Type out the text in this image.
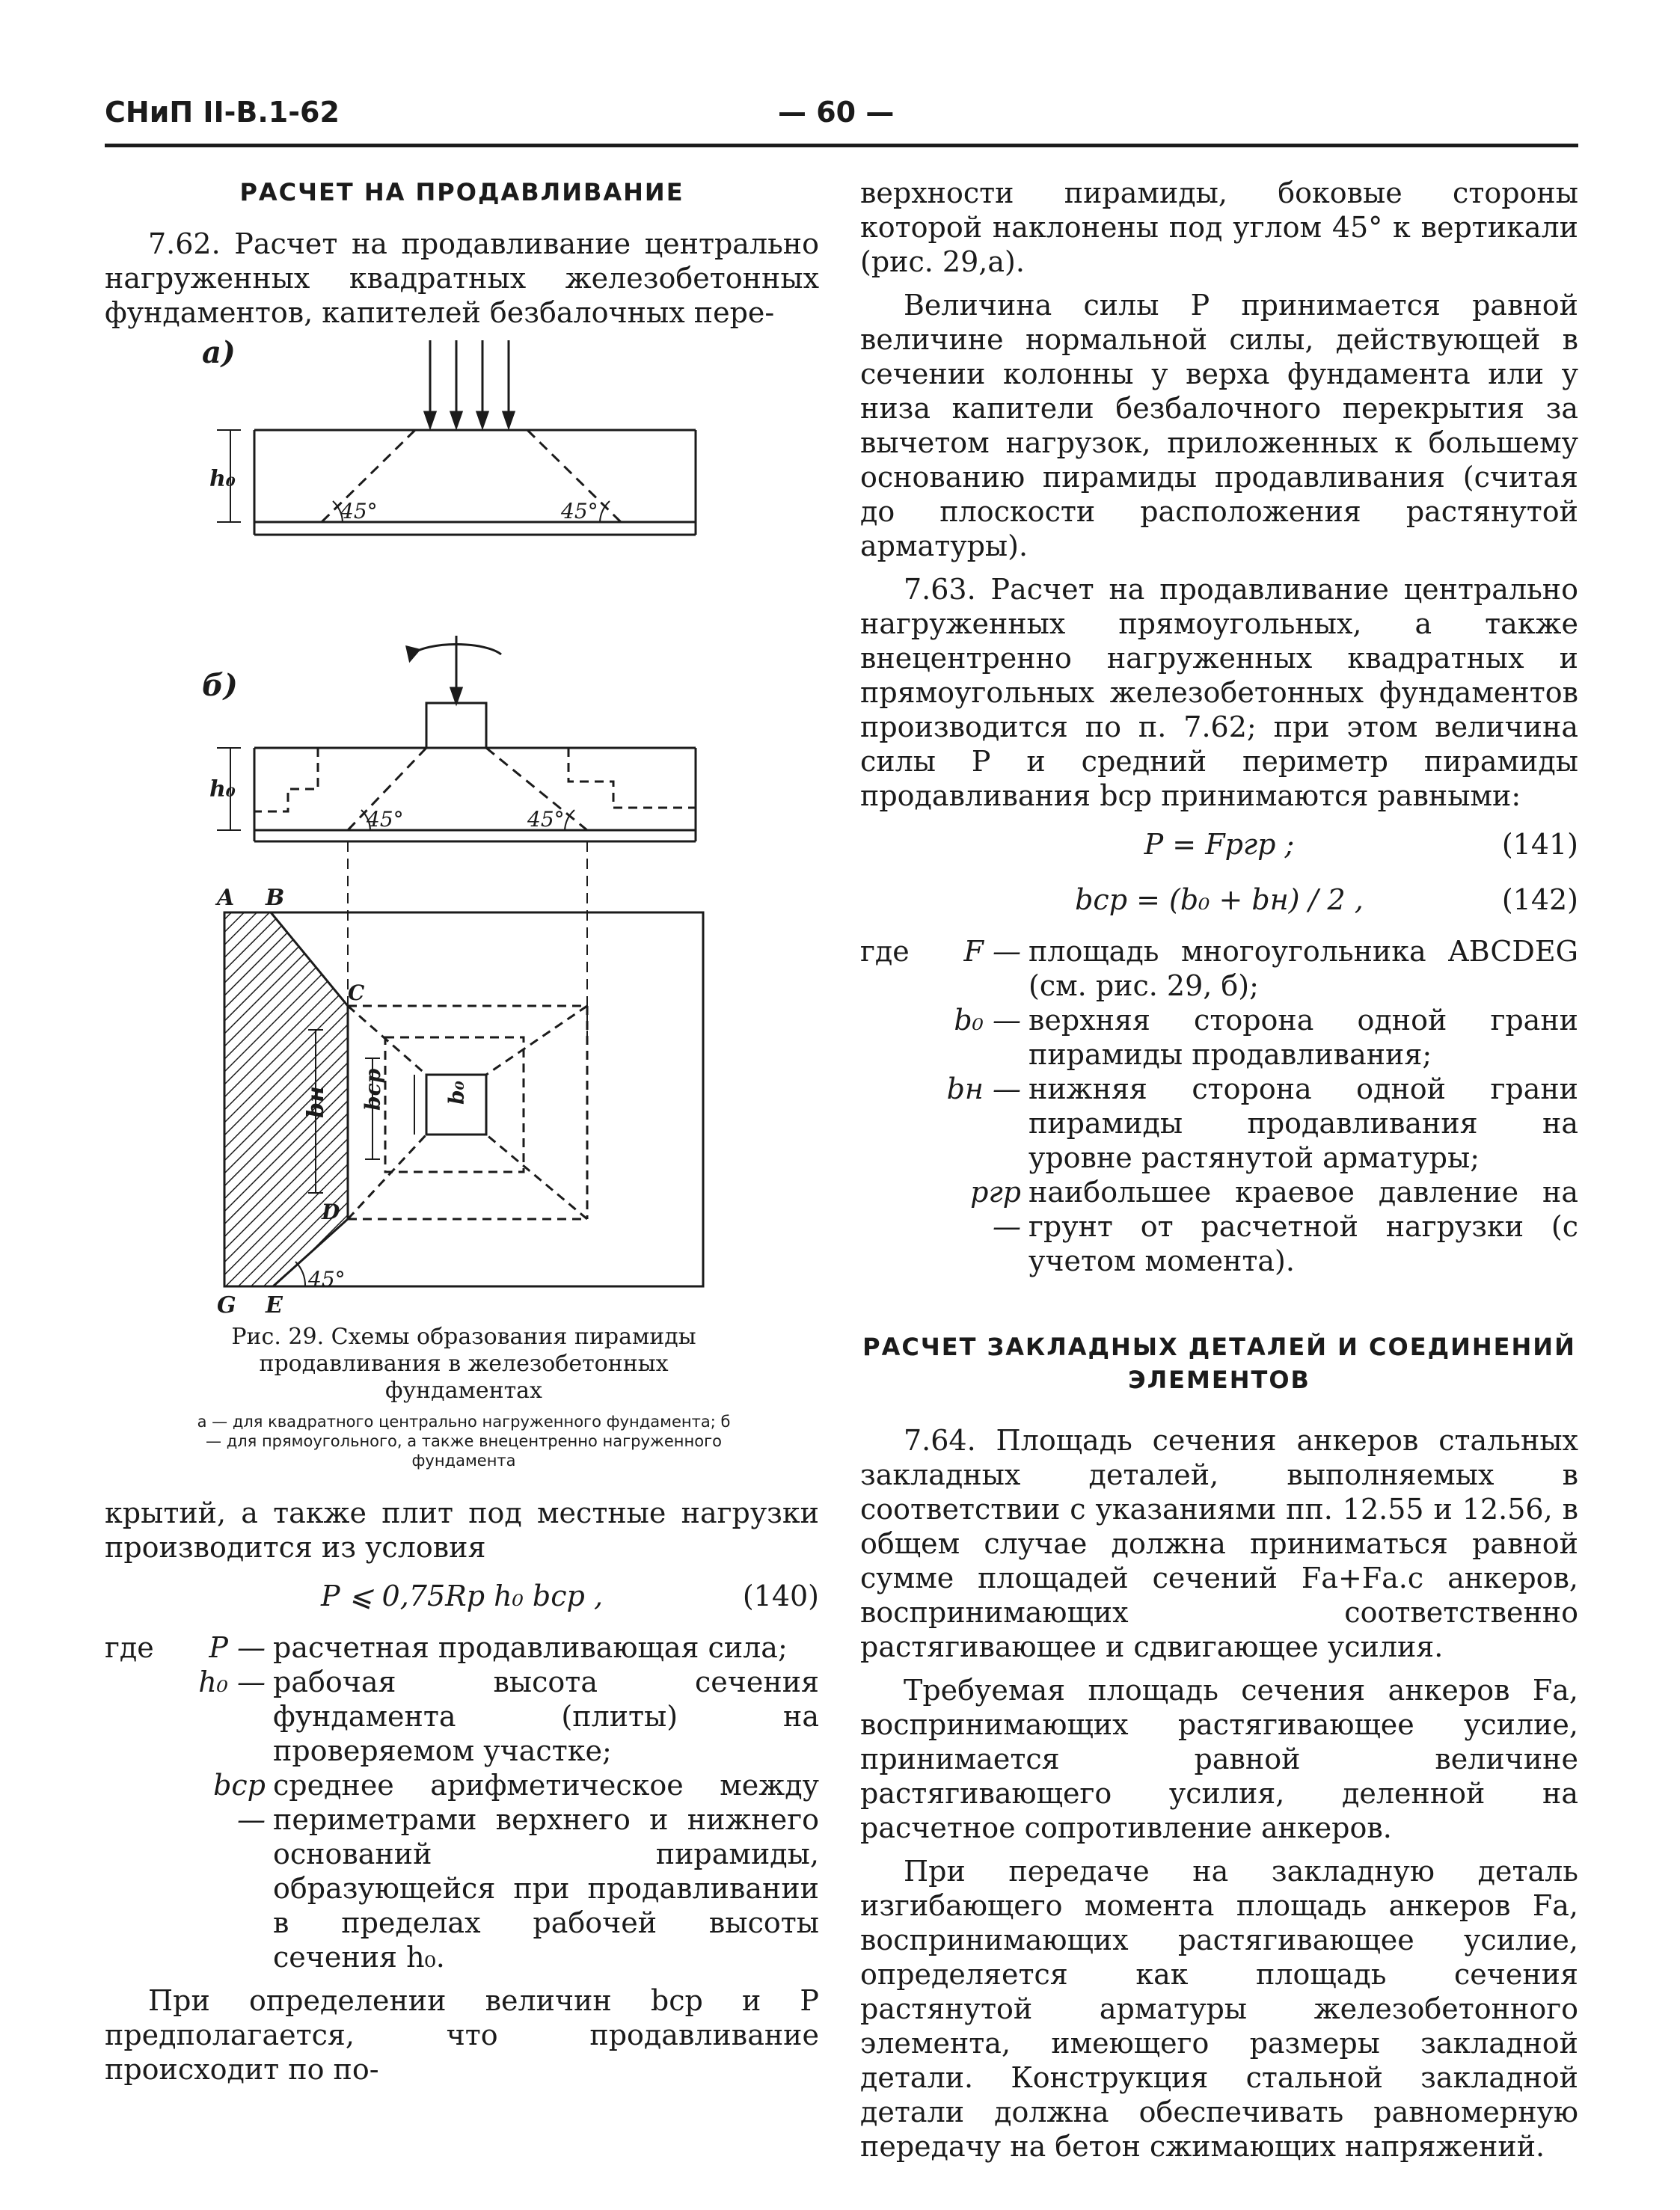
СНиП II-В.1-62	— 60 —
РАСЧЕТ НА ПРОДАВЛИВАНИЕ

7.62. Расчет на продавливание центрально нагруженных квадратных железобетонных фундаментов, капителей безбалочных пере-

а)
б)
h₀
h₀
45°	45°
45°	45°
45°
A B
C
D
G E
bн bср	b₀
Рис. 29. Схемы образования пирамиды продавливания в железобетонных фундаментах
а — для квадратного центрально нагруженного фундамента; б — для прямоугольного, а также внецентренно нагруженного фундамента

крытий, а также плит под местные нагрузки производится из условия

P ⩽ 0,75Rр h₀ bср ,	(140)
где	P — расчетная продавливающая сила;
h₀ — рабочая высота сечения фундамента (плиты) на проверяемом участке;
bср —
среднее арифметическое между периметрами верхнего и нижнего оснований пирамиды, образующейся при продавливании в пределах рабочей высоты сечения h₀.

При определении величин bср и P предполагается, что продавливание происходит по по-

верхности пирамиды, боковые стороны которой наклонены под углом 45° к вертикали (рис. 29,а).

Величина силы P принимается равной величине нормальной силы, действующей в сечении колонны у верха фундамента или у низа капители безбалочного перекрытия за вычетом нагрузок, приложенных к большему основанию пирамиды продавливания (считая до плоскости расположения растянутой арматуры).

7.63. Расчет на продавливание центрально нагруженных прямоугольных, а также внецентренно нагруженных квадратных и прямоугольных железобетонных фундаментов производится по п. 7.62; при этом величина силы P и средний периметр пирамиды продавливания bср принимаются равными:

P = Fpгр ;	(141)
bср = (b₀ + bн) / 2 ,	(142)
где	F — площадь многоугольника ABCDEG (см. рис. 29, б);
b₀ — верхняя сторона одной грани пирамиды продавливания;
bн — нижняя сторона одной грани пирамиды продавливания на уровне растянутой арматуры;
pгр —
наибольшее краевое давление на грунт от расчетной нагрузки (с учетом момента).
РАСЧЕТ ЗАКЛАДНЫХ ДЕТАЛЕЙ И СОЕДИНЕНИЙ ЭЛЕМЕНТОВ

7.64. Площадь сечения анкеров стальных закладных деталей, выполняемых в соответствии с указаниями пп. 12.55 и 12.56, в общем случае должна приниматься равной сумме площадей сечений Fа+Fа.с анкеров, воспринимающих соответственно растягивающее и сдвигающее усилия.

Требуемая площадь сечения анкеров Fа, воспринимающих растягивающее усилие, принимается равной величине растягивающего усилия, деленной на расчетное сопротивление анкеров.

При передаче на закладную деталь изгибающего момента площадь анкеров Fа, воспринимающих растягивающее усилие, определяется как площадь сечения растянутой арматуры железобетонного элемента, имеющего размеры закладной детали. Конструкция стальной закладной детали должна обеспечивать равномерную передачу на бетон сжимающих напряжений.
